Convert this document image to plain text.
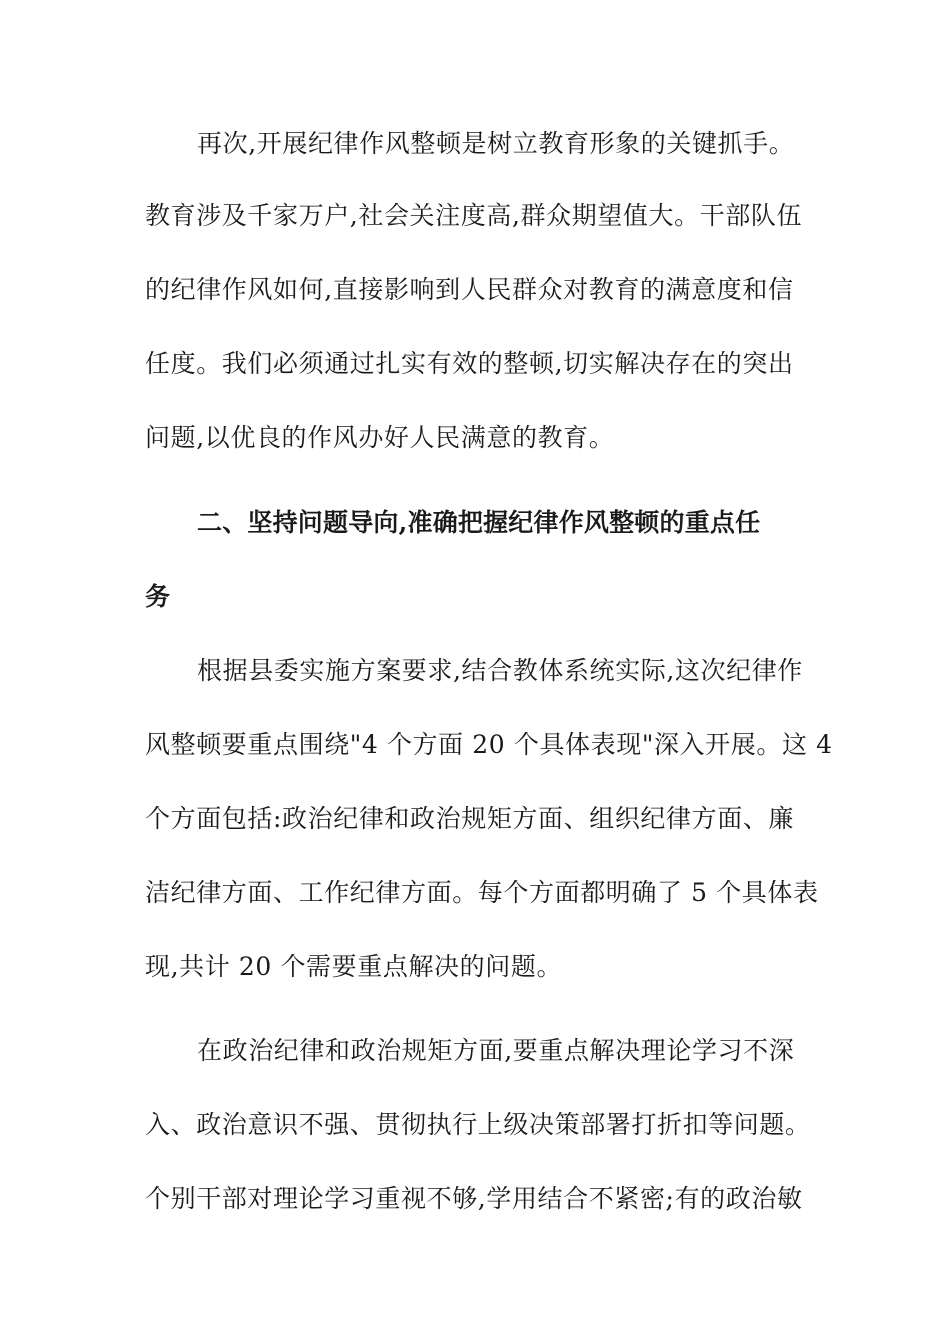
再次,开展纪律作风整顿是树立教育形象的关键抓手。
教育涉及千家万户,社会关注度高,群众期望值大。干部队伍
的纪律作风如何,直接影响到人民群众对教育的满意度和信
任度。我们必须通过扎实有效的整顿,切实解决存在的突出
问题,以优良的作风办好人民满意的教育。
二、坚持问题导向,准确把握纪律作风整顿的重点任
务
根据县委实施方案要求,结合教体系统实际,这次纪律作
风整顿要重点围绕"4 个方面 20 个具体表现"深入开展。这 4
个方面包括:政治纪律和政治规矩方面、组织纪律方面、廉
洁纪律方面、工作纪律方面。每个方面都明确了 5 个具体表
现,共计 20 个需要重点解决的问题。
在政治纪律和政治规矩方面,要重点解决理论学习不深
入、政治意识不强、贯彻执行上级决策部署打折扣等问题。
个别干部对理论学习重视不够,学用结合不紧密;有的政治敏
